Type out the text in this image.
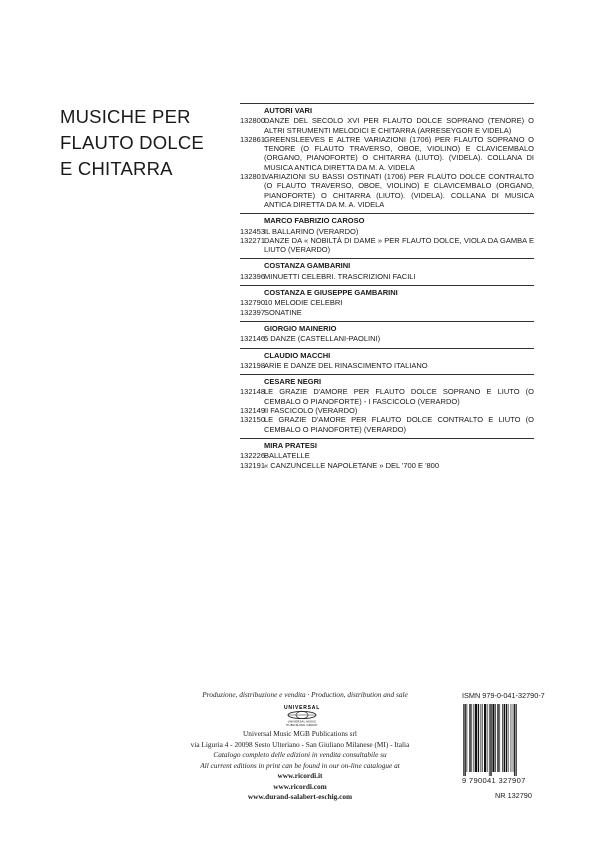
MUSICHE PER
FLAUTO DOLCE
E CHITARRA
AUTORI VARI
132800
DANZE DEL SECOLO XVI PER FLAUTO DOLCE SOPRANO (TENORE) O ALTRI STRUMENTI MELODICI E CHITARRA (ARRESEYGOR E VIDELA)
132861
GREENSLEEVES E ALTRE VARIAZIONI (1706) PER FLAUTO SOPRANO O TENORE (O FLAUTO TRAVERSO, OBOE, VIOLINO) E CLAVICEMBALO (ORGANO, PIANOFORTE) O CHITARRA (LIUTO). (VIDELA). COLLANA DI MUSICA ANTICA DIRETTA DA M. A. VIDELA
132801
VARIAZIONI SU BASSI OSTINATI (1706) PER FLAUTO DOLCE CONTRALTO (O FLAUTO TRAVERSO, OBOE, VIOLINO) E CLAVICEMBALO (ORGANO, PIANOFORTE) O CHITARRA (LIUTO). (VIDELA). COLLANA DI MUSICA ANTICA DIRETTA DA M. A. VIDELA
MARCO FABRIZIO CAROSO
132453
IL BALLARINO (VERARDO)
132271
DANZE DA « NOBILTÀ DI DAME » PER FLAUTO DOLCE, VIOLA DA GAMBA E LIUTO (VERARDO)
COSTANZA GAMBARINI
132396
MINUETTI CELEBRI. TRASCRIZIONI FACILI
COSTANZA E GIUSEPPE GAMBARINI
132790
10 MELODIE CELEBRI
132397
SONATINE
GIORGIO MAINERIO
132146
5 DANZE (CASTELLANI-PAOLINI)
CLAUDIO MACCHI
132198
ARIE E DANZE DEL RINASCIMENTO ITALIANO
CESARE NEGRI
132148
LE GRAZIE D'AMORE PER FLAUTO DOLCE SOPRANO E LIUTO (O CEMBALO O PIANOFORTE) - I FASCICOLO (VERARDO)
132149
II FASCICOLO (VERARDO)
132150
LE GRAZIE D'AMORE PER FLAUTO DOLCE CONTRALTO E LIUTO (O CEMBALO O PIANOFORTE) (VERARDO)
MIRA PRATESI
132226
BALLATELLE
132191
« CANZUNCELLE NAPOLETANE » DEL '700 E '800
Produzione, distribuzione e vendita · Production, distribution and sale
UNIVERSAL
UNIVERSAL MUSIC
PUBLISHING GROUP
Universal Music MGB Publications srl
via Liguria 4 - 20098 Sesto Ulteriano - San Giuliano Milanese (MI) - Italia
Catalogo completo delle edizioni in vendita consultabile su
All current editions in print can be found in our on-line catalogue at
www.ricordi.it
www.ricordi.com
www.durand-salabert-eschig.com
ISMN 979-0-041-32790-7
9 790041 327907
NR 132790
